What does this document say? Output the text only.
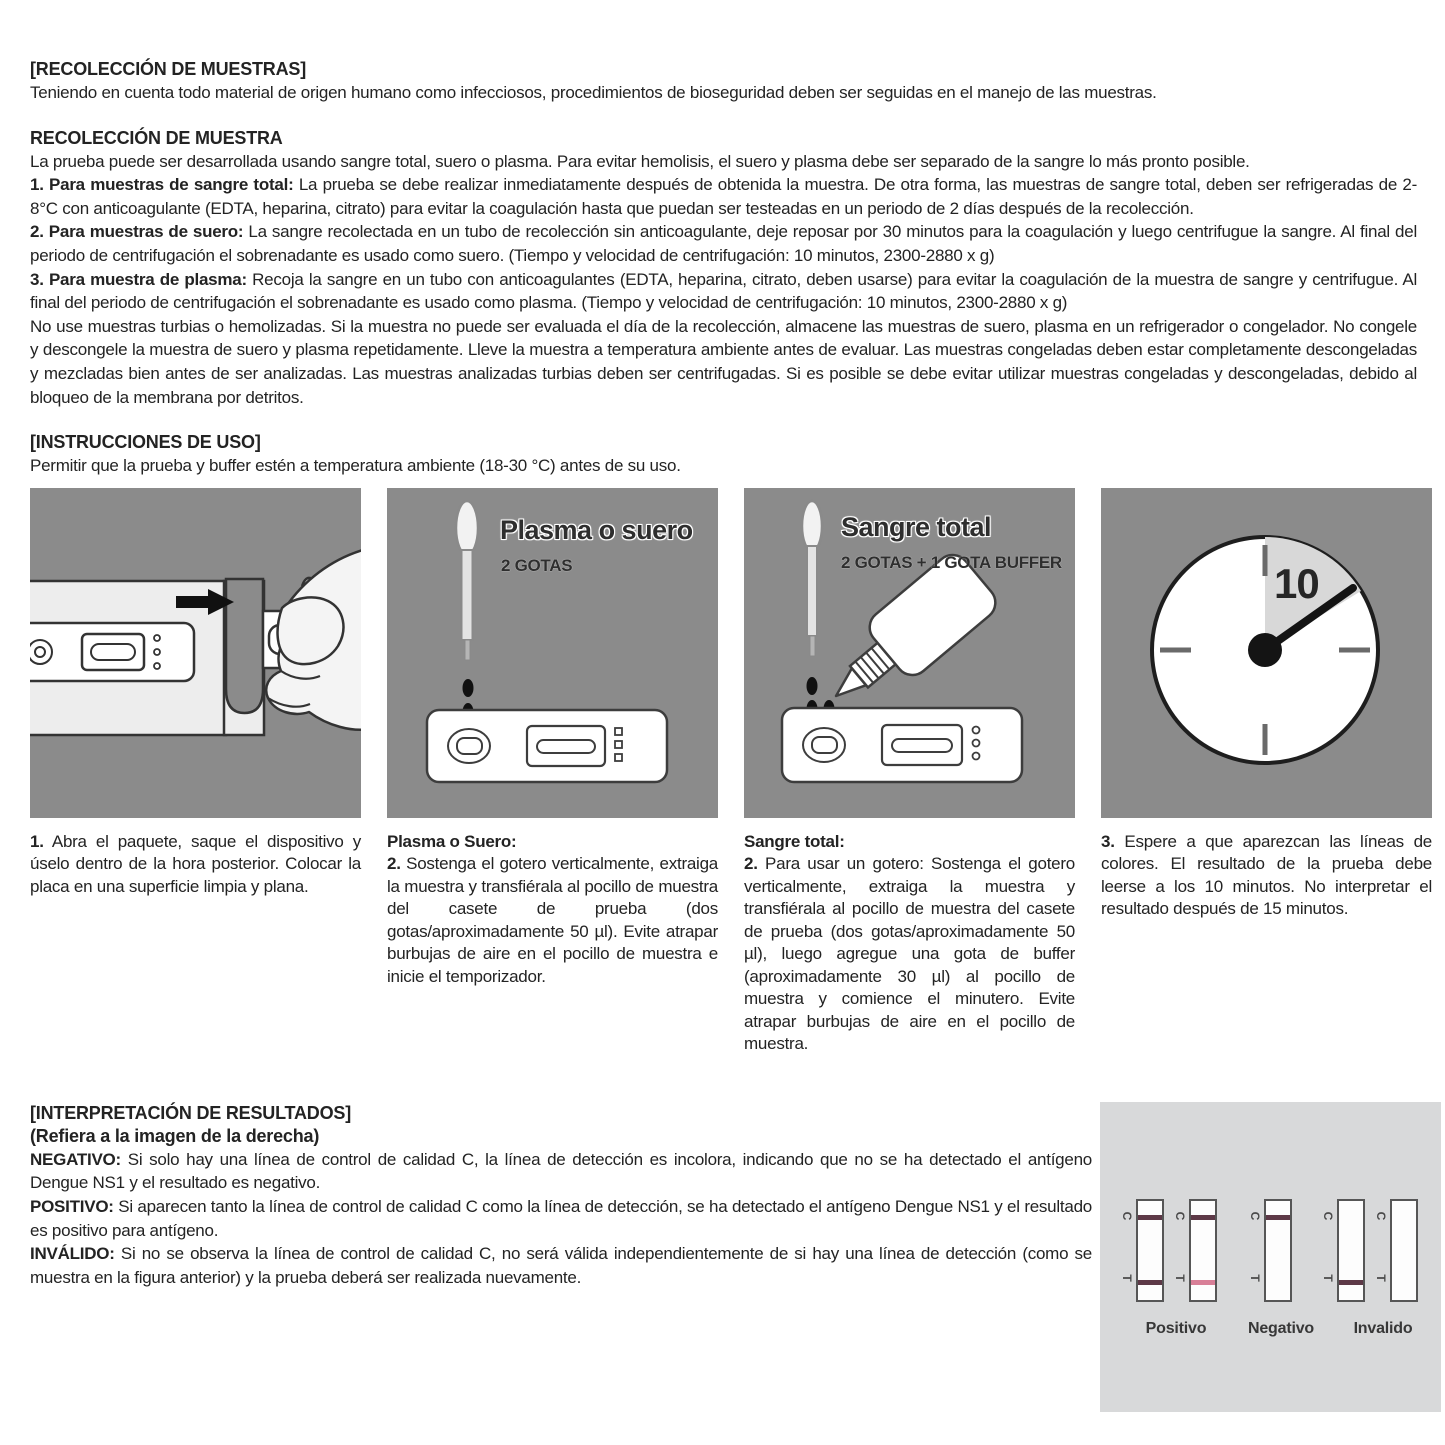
[RECOLECCIÓN DE MUESTRAS]

Teniendo en cuenta todo material de origen humano como infecciosos, procedimientos de bioseguridad deben ser seguidas en el manejo de las muestras.

RECOLECCIÓN DE MUESTRA

La prueba puede ser desarrollada usando sangre total, suero o plasma. Para evitar hemolisis, el suero y plasma debe ser separado de la sangre lo más pronto posible.

1. Para muestras de sangre total: La prueba se debe realizar inmediatamente después de obtenida la muestra. De otra forma, las muestras de sangre total, deben ser refrigeradas de 2-8°C con anticoagulante (EDTA, heparina, citrato) para evitar la coagulación hasta que puedan ser testeadas en un periodo de 2 días después de la recolección.

2. Para muestras de suero: La sangre recolectada en un tubo de recolección sin anticoagulante, deje reposar por 30 minutos para la coagulación y luego centrifugue la sangre. Al final del periodo de centrifugación el sobrenadante es usado como suero. (Tiempo y velocidad de centrifugación: 10 minutos, 2300-2880 x g)

3. Para muestra de plasma: Recoja la sangre en un tubo con anticoagulantes (EDTA, heparina, citrato, deben usarse) para evitar la coagulación de la muestra de sangre y centrifugue. Al final del periodo de centrifugación el sobrenadante es usado como plasma. (Tiempo y velocidad de centrifugación: 10 minutos, 2300-2880 x g)

No use muestras turbias o hemolizadas. Si la muestra no puede ser evaluada el día de la recolección, almacene las muestras de suero, plasma en un refrigerador o congelador. No congele y descongele la muestra de suero y plasma repetidamente. Lleve la muestra a temperatura ambiente antes de evaluar. Las muestras congeladas deben estar completamente descongeladas y mezcladas bien antes de ser analizadas. Las muestras analizadas turbias deben ser centrifugadas. Si es posible se debe evitar utilizar muestras congeladas y descongeladas, debido al bloqueo de la membrana por detritos.

[INSTRUCCIONES DE USO]

Permitir que la prueba y buffer estén a temperatura ambiente (18-30 °C) antes de su uso.

Plasma o suero
2 GOTAS
Sangre total
2 GOTAS + 1 GOTA BUFFER	10
1. Abra el paquete, saque el dispositivo y úselo dentro de la hora posterior. Colocar la placa en una superficie limpia y plana.
Plasma o Suero:
2. Sostenga el gotero verticalmente, extraiga la muestra y transfiérala al pocillo de muestra del casete de prueba (dos gotas/aproximadamente 50 µl). Evite atrapar burbujas de aire en el pocillo de muestra e inicie el temporizador.
Sangre total:
2. Para usar un gotero: Sostenga el gotero verticalmente, extraiga la muestra y transfiérala al pocillo de muestra del casete de prueba (dos gotas/aproximadamente 50 µl), luego agregue una gota de buffer (aproximadamente 30 µl) al pocillo de muestra y comience el minutero. Evite atrapar burbujas de aire en el pocillo de muestra.
3. Espere a que aparezcan las líneas de colores. El resultado de la prueba debe leerse a los 10 minutos. No interpretar el resultado después de 15 minutos.
[INTERPRETACIÓN DE RESULTADOS]
(Refiera a la imagen de la derecha)

NEGATIVO: Si solo hay una línea de control de calidad C, la línea de detección es incolora, indicando que no se ha detectado el antígeno Dengue NS1 y el resultado es negativo.

POSITIVO: Si aparecen tanto la línea de control de calidad C como la línea de detección, se ha detectado el antígeno Dengue NS1 y el resultado es positivo para antígeno.

INVÁLIDO: Si no se observa la línea de control de calidad C, no será válida independientemente de si hay una línea de detección (como se muestra en la figura anterior) y la prueba deberá ser realizada nuevamente.

C
T
C
T
C
T
C
T
C
T
Positivo	Negativo	Invalido
